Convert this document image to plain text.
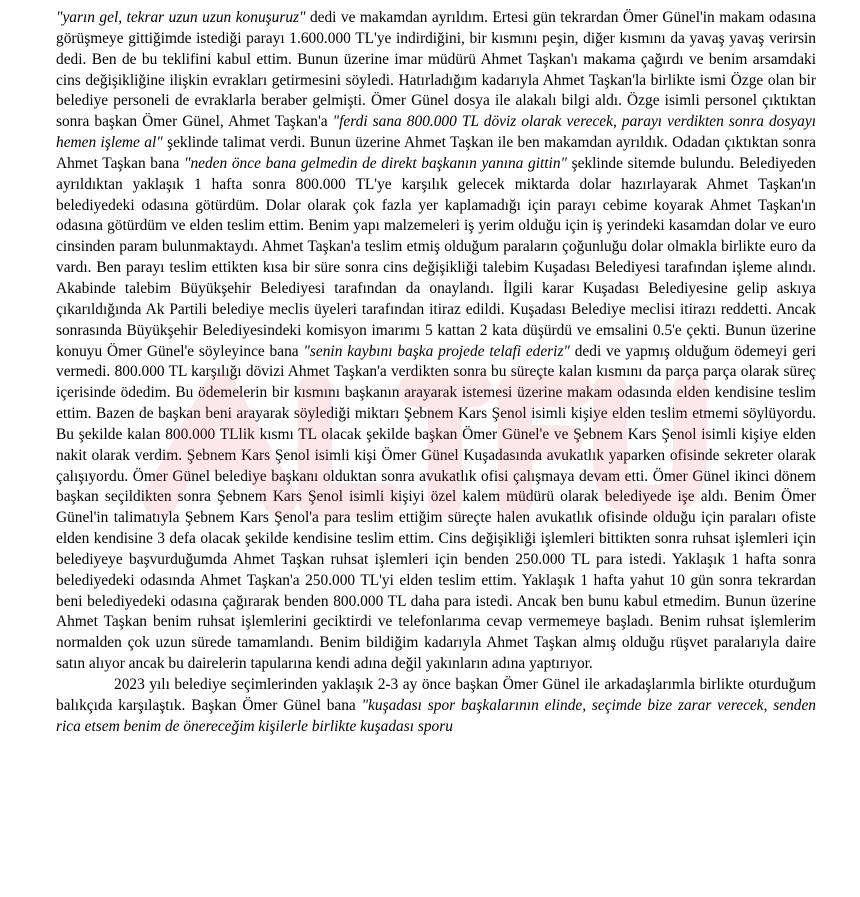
"yarın gel, tekrar uzun uzun konuşuruz" dedi ve makamdan ayrıldım. Ertesi gün tekrardan Ömer Günel'in makam odasına görüşmeye gittiğimde istediği parayı 1.600.000 TL'ye indirdiğini, bir kısmını peşin, diğer kısmını da yavaş yavaş verirsin dedi. Ben de bu teklifini kabul ettim. Bunun üzerine imar müdürü Ahmet Taşkan'ı makama çağırdı ve benim arsamdaki cins değişikliğine ilişkin evrakları getirmesini söyledi. Hatırladığım kadarıyla Ahmet Taşkan'la birlikte ismi Özge olan bir belediye personeli de evraklarla beraber gelmişti. Ömer Günel dosya ile alakalı bilgi aldı. Özge isimli personel çıktıktan sonra başkan Ömer Günel, Ahmet Taşkan'a "ferdi sana 800.000 TL döviz olarak verecek, parayı verdikten sonra dosyayı hemen işleme al" şeklinde talimat verdi. Bunun üzerine Ahmet Taşkan ile ben makamdan ayrıldık. Odadan çıktıktan sonra Ahmet Taşkan bana "neden önce bana gelmedin de direkt başkanın yanına gittin" şeklinde sitemde bulundu. Belediyeden ayrıldıktan yaklaşık 1 hafta sonra 800.000 TL'ye karşılık gelecek miktarda dolar hazırlayarak Ahmet Taşkan'ın belediyedeki odasına götürdüm. Dolar olarak çok fazla yer kaplamadığı için parayı cebime koyarak Ahmet Taşkan'ın odasına götürdüm ve elden teslim ettim. Benim yapı malzemeleri iş yerim olduğu için iş yerindeki kasamdan dolar ve euro cinsinden param bulunmaktaydı. Ahmet Taşkan'a teslim etmiş olduğum paraların çoğunluğu dolar olmakla birlikte euro da vardı. Ben parayı teslim ettikten kısa bir süre sonra cins değişikliği talebim Kuşadası Belediyesi tarafından işleme alındı. Akabinde talebim Büyükşehir Belediyesi tarafından da onaylandı. İlgili karar Kuşadası Belediyesine gelip askıya çıkarıldığında Ak Partili belediye meclis üyeleri tarafından itiraz edildi. Kuşadası Belediye meclisi itirazı reddetti. Ancak sonrasında Büyükşehir Belediyesindeki komisyon imarımı 5 kattan 2 kata düşürdü ve emsalini 0.5'e çekti. Bunun üzerine konuyu Ömer Günel'e söyleyince bana "senin kaybını başka projede telafi ederiz" dedi ve yapmış olduğum ödemeyi geri vermedi. 800.000 TL karşılığı dövizi Ahmet Taşkan'a verdikten sonra bu süreçte kalan kısmını da parça parça olarak süreç içerisinde ödedim. Bu ödemelerin bir kısmını başkanın arayarak istemesi üzerine makam odasında elden kendisine teslim ettim. Bazen de başkan beni arayarak söylediği miktarı Şebnem Kars Şenol isimli kişiye elden teslim etmemi söylüyordu. Bu şekilde kalan 800.000 TLlik kısmı TL olacak şekilde başkan Ömer Günel'e ve Şebnem Kars Şenol isimli kişiye elden nakit olarak verdim. Şebnem Kars Şenol isimli kişi Ömer Günel Kuşadasında avukatlık yaparken ofisinde sekreter olarak çalışıyordu. Ömer Günel belediye başkanı olduktan sonra avukatlık ofisi çalışmaya devam etti. Ömer Günel ikinci dönem başkan seçildikten sonra Şebnem Kars Şenol isimli kişiyi özel kalem müdürü olarak belediyede işe aldı. Benim Ömer Günel'in talimatıyla Şebnem Kars Şenol'a para teslim ettiğim süreçte halen avukatlık ofisinde olduğu için paraları ofiste elden kendisine 3 defa olacak şekilde kendisine teslim ettim. Cins değişikliği işlemleri bittikten sonra ruhsat işlemleri için belediyeye başvurduğumda Ahmet Taşkan ruhsat işlemleri için benden 250.000 TL para istedi. Yaklaşık 1 hafta sonra belediyedeki odasında Ahmet Taşkan'a 250.000 TL'yi elden teslim ettim. Yaklaşık 1 hafta yahut 10 gün sonra tekrardan beni belediyedeki odasına çağırarak benden 800.000 TL daha para istedi. Ancak ben bunu kabul etmedim. Bunun üzerine Ahmet Taşkan benim ruhsat işlemlerini geciktirdi ve telefonlarıma cevap vermemeye başladı. Benim ruhsat işlemlerim normalden çok uzun sürede tamamlandı. Benim bildiğim kadarıyla Ahmet Taşkan almış olduğu rüşvet paralarıyla daire satın alıyor ancak bu dairelerin tapularına kendi adına değil yakınların adına yaptırıyor.

2023 yılı belediye seçimlerinden yaklaşık 2-3 ay önce başkan Ömer Günel ile arkadaşlarımla birlikte oturduğum balıkçıda karşılaştık. Başkan Ömer Günel bana "kuşadası spor başkalarının elinde, seçimde bize zarar verecek, senden rica etsem benim de önereceğim kişilerle birlikte kuşadası sporu
